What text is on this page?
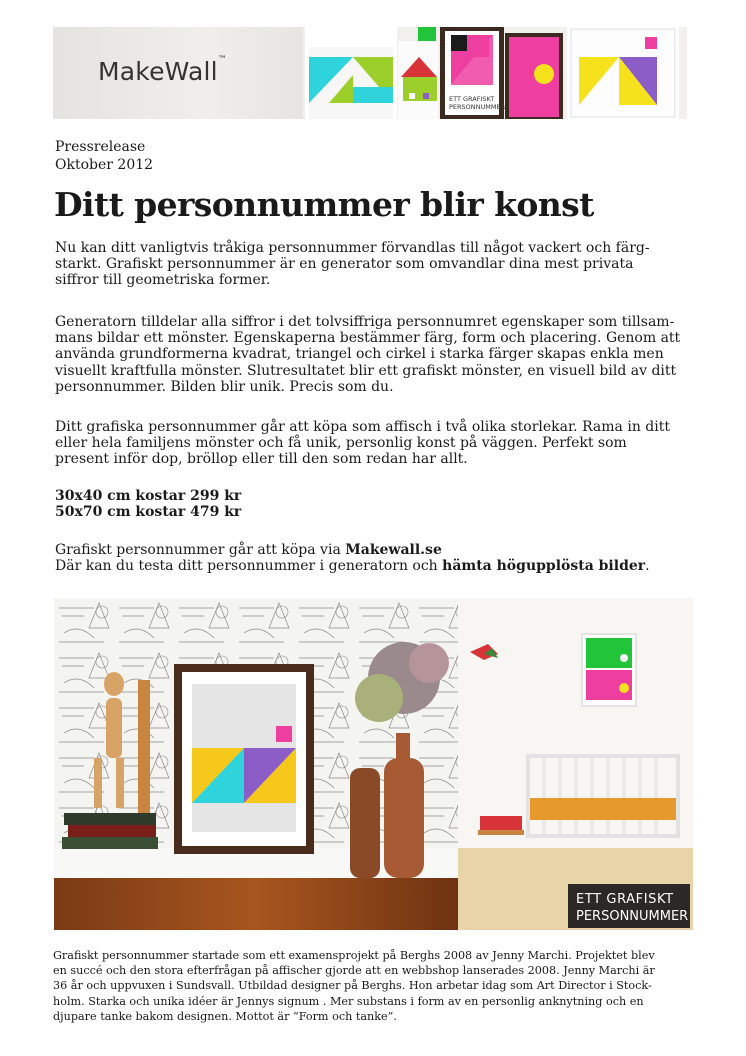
MakeWall™
ETT GRAFISKT
PERSONNUMMER
Pressrelease
Oktober 2012
Ditt personnummer blir konst
Nu kan ditt vanligtvis tråkiga personnummer förvandlas till något vackert och färg-
starkt. Grafiskt personnummer är en generator som omvandlar dina mest privata
siffror till geometriska former.
Generatorn tilldelar alla siffror i det tolvsiffriga personnumret egenskaper som tillsam-
mans bildar ett mönster. Egenskaperna bestämmer färg, form och placering. Genom att
använda grundformerna kvadrat, triangel och cirkel i starka färger skapas enkla men
visuellt kraftfulla mönster. Slutresultatet blir ett grafiskt mönster, en visuell bild av ditt
personnummer. Bilden blir unik. Precis som du.
Ditt grafiska personnummer går att köpa som affisch i två olika storlekar. Rama in ditt
eller hela familjens mönster och få unik, personlig konst på väggen. Perfekt som
present inför dop, bröllop eller till den som redan har allt.
30x40 cm kostar 299 kr
50x70 cm kostar 479 kr
Grafiskt personnummer går att köpa via Makewall.se
Där kan du testa ditt personnummer i generatorn och hämta högupplösta bilder.
ETT GRAFISKT
PERSONNUMMER
Grafiskt personnummer startade som ett examensprojekt på Berghs 2008 av Jenny Marchi. Projektet blev
en succé och den stora efterfrågan på affischer gjorde att en webbshop lanserades 2008. Jenny Marchi är
36 år och uppvuxen i Sundsvall. Utbildad designer på Berghs. Hon arbetar idag som Art Director i Stock-
holm. Starka och unika idéer är Jennys signum . Mer substans i form av en personlig anknytning och en
djupare tanke bakom designen. Mottot är “Form och tanke”.
